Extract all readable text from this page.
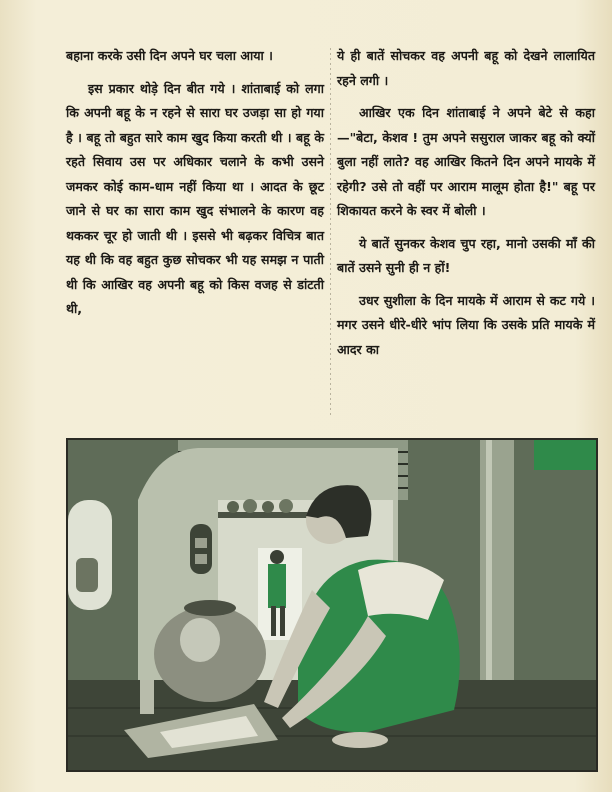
बहाना करके उसी दिन अपने घर चला आया ।

इस प्रकार थोड़े दिन बीत गये । शांताबाई को लगा कि अपनी बहू के न रहने से सारा घर उजड़ा सा हो गया है । बहू तो बहुत सारे काम खुद किया करती थी । बहू के रहते सिवाय उस पर अधिकार चलाने के कभी उसने जमकर कोई काम-धाम नहीं किया था । आदत के छूट जाने से घर का सारा काम खुद संभालने के कारण वह थककर चूर हो जाती थी । इससे भी बढ़कर विचित्र बात यह थी कि वह बहुत कुछ सोचकर भी यह समझ न पाती थी कि आखिर वह अपनी बहू को किस वजह से डांटती थी,

ये ही बातें सोचकर वह अपनी बहू को देखने लालायित रहने लगी ।

आखिर एक दिन शांताबाई ने अपने बेटे से कहा—"बेटा, केशव ! तुम अपने ससुराल जाकर बहू को क्यों बुला नहीं लाते? वह आखिर कितने दिन अपने मायके में रहेगी? उसे तो वहीं पर आराम मालूम होता है!" बहू पर शिकायत करने के स्वर में बोली ।

ये बातें सुनकर केशव चुप रहा, मानो उसकी माँ की बातें उसने सुनी ही न हों!

उधर सुशीला के दिन मायके में आराम से कट गये । मगर उसने धीरे-धीरे भांप लिया कि उसके प्रति मायके में आदर का
